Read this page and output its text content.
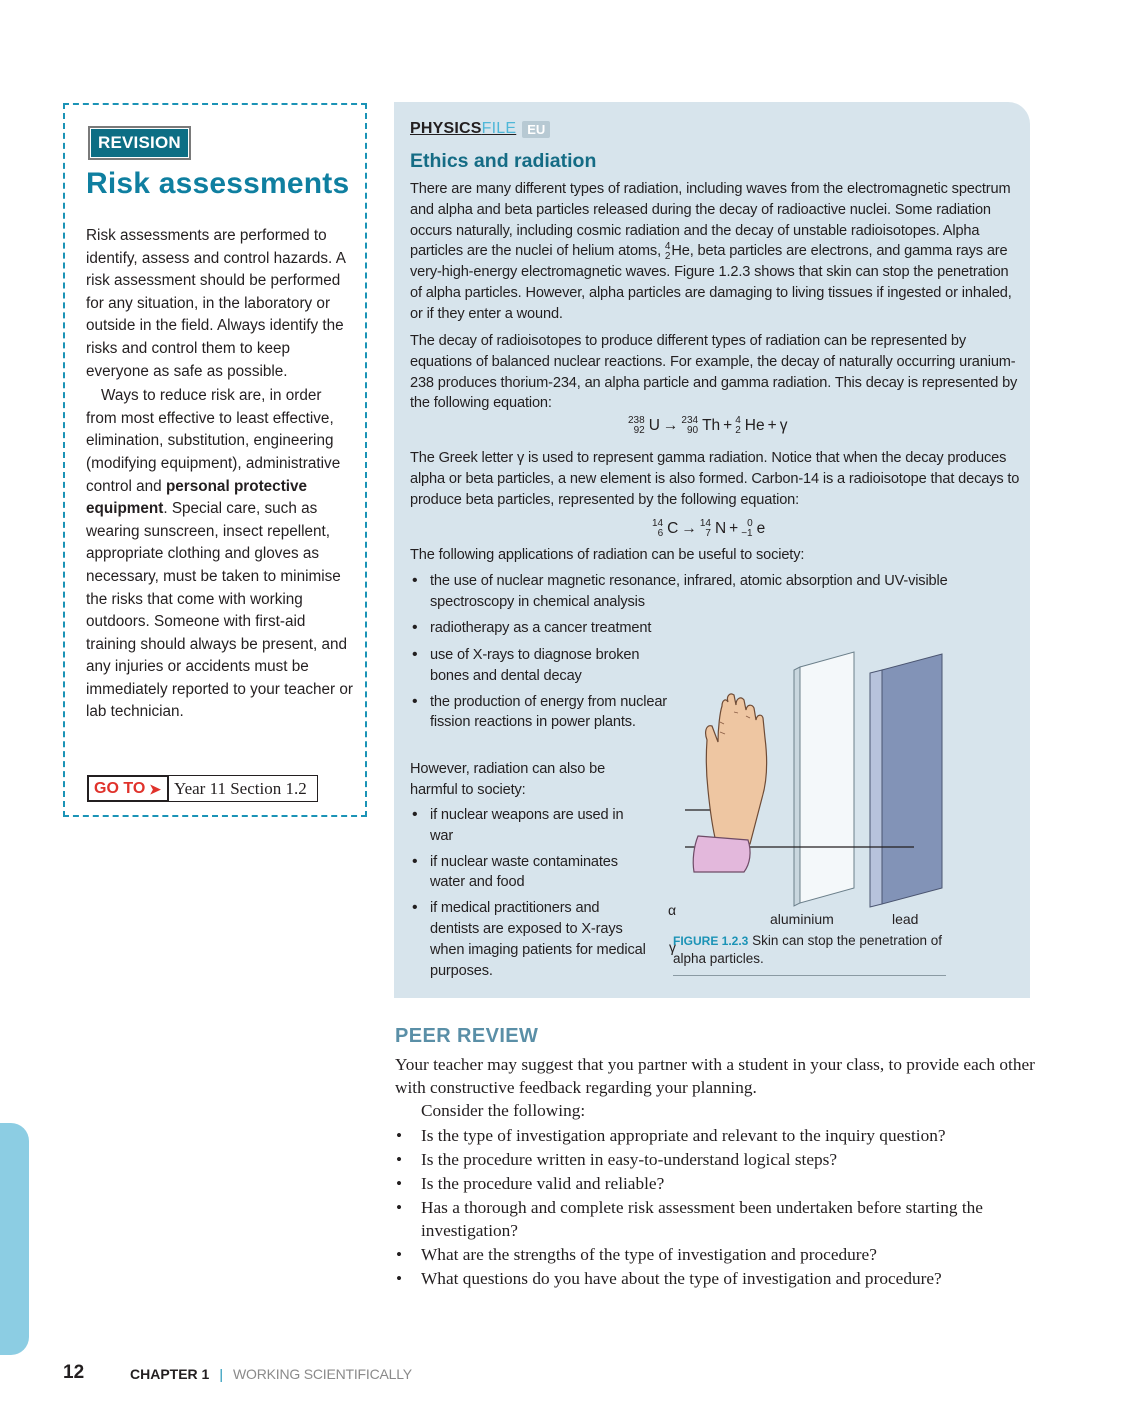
REVISION
Risk assessments

Risk assessments are performed to identify, assess and control hazards. A risk assessment should be performed for any situation, in the laboratory or outside in the field. Always identify the risks and control them to keep everyone as safe as possible.

Ways to reduce risk are, in order from most effective to least effective, elimination, substitution, engineering (modifying equipment), administrative control and personal protective equipment. Special care, such as wearing sunscreen, insect repellent, appropriate clothing and gloves as necessary, must be taken to minimise the risks that come with working outdoors. Someone with first-aid training should always be present, and any injuries or accidents must be immediately reported to your teacher or lab technician.

GO TO ➤ Year 11 Section 1.2
PHYSICSFILE EU
Ethics and radiation

There are many different types of radiation, including waves from the electromagnetic spectrum and alpha and beta particles released during the decay of radioactive nuclei. Some radiation occurs naturally, including cosmic radiation and the decay of unstable radioisotopes. Alpha particles are the nuclei of helium atoms, 4
2 He, beta particles are electrons, and gamma rays are very-high-energy electromagnetic waves. Figure 1.2.3 shows that skin can stop the penetration of alpha particles. However, alpha particles are damaging to living tissues if ingested or inhaled, or if they enter a wound.

The decay of radioisotopes to produce different types of radiation can be represented by equations of balanced nuclear reactions. For example, the decay of naturally occurring uranium-238 produces thorium-234, an alpha particle and gamma radiation. This decay is represented by the following equation:

238
92 U → 234
90 Th + 4
2 He + γ

The Greek letter γ is used to represent gamma radiation. Notice that when the decay produces alpha or beta particles, a new element is also formed. Carbon-14 is a radioisotope that decays to produce beta particles, represented by the following equation:

14
6 C → 14
7 N + 0
−1 e

The following applications of radiation can be useful to society:

• the use of nuclear magnetic resonance, infrared, atomic absorption and UV-visible spectroscopy in chemical analysis
• radiotherapy as a cancer treatment
• use of X-rays to diagnose broken bones and dental decay
• the production of energy from nuclear fission reactions in power plants.

However, radiation can also be harmful to society:

• if nuclear weapons are used in war
• if nuclear waste contaminates water and food
• if medical practitioners and dentists are exposed to X-rays when imaging patients for medical purposes.
α
γ
aluminium	lead
FIGURE 1.2.3 Skin can stop the penetration of alpha particles.
PEER REVIEW

Your teacher may suggest that you partner with a student in your class, to provide each other with constructive feedback regarding your planning.

Consider the following:

• Is the type of investigation appropriate and relevant to the inquiry question?
• Is the procedure written in easy-to-understand logical steps?
• Is the procedure valid and reliable?
• Has a thorough and complete risk assessment been undertaken before starting the investigation?
• What are the strengths of the type of investigation and procedure?
• What questions do you have about the type of investigation and procedure?
12	CHAPTER 1 | WORKING SCIENTIFICALLY
